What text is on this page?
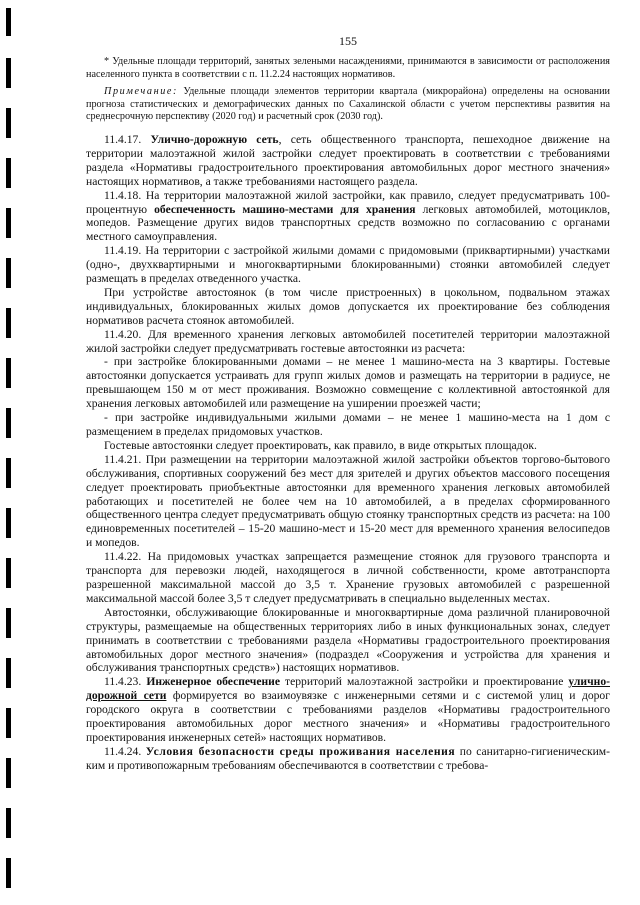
155

* Удельные площади территорий, занятых зелеными насаждениями, принимаются в зависимости от расположения населенного пункта в соответствии с п. 11.2.24 настоящих нормативов.

Примечание: Удельные площади элементов территории квартала (микрорайона) определены на основании прогноза статистических и демографических данных по Сахалинской области с учетом перспективы развития на среднесрочную перспективу (2020 год) и расчетный срок (2030 год).

11.4.17. Улично-дорожную сеть, сеть общественного транспорта, пешеходное движение на территории малоэтажной жилой застройки следует проектировать в соответствии с требованиями раздела «Нормативы градостроительного проектирования автомобильных дорог местного значения» настоящих нормативов, а также требованиями настоящего раздела.

11.4.18. На территории малоэтажной жилой застройки, как правило, следует предусматривать 100-процентную обеспеченность машино-местами для хранения легковых автомобилей, мотоциклов, мопедов. Размещение других видов транспортных средств возможно по согласованию с органами местного самоуправления.

11.4.19. На территории с застройкой жилыми домами с придомовыми (приквартирными) участками (одно-, двухквартирными и многоквартирными блокированными) стоянки автомобилей следует размещать в пределах отведенного участка.

При устройстве автостоянок (в том числе пристроенных) в цокольном, подвальном этажах индивидуальных, блокированных жилых домов допускается их проектирование без соблюдения нормативов расчета стоянок автомобилей.

11.4.20. Для временного хранения легковых автомобилей посетителей территории малоэтажной жилой застройки следует предусматривать гостевые автостоянки из расчета:

- при застройке блокированными домами – не менее 1 машино-места на 3 квартиры. Гостевые автостоянки допускается устраивать для групп жилых домов и размещать на территории в радиусе, не превышающем 150 м от мест проживания. Возможно совмещение с коллективной автостоянкой для хранения легковых автомобилей или размещение на уширении проезжей части;

- при застройке индивидуальными жилыми домами – не менее 1 машино-места на 1 дом с размещением в пределах придомовых участков.

Гостевые автостоянки следует проектировать, как правило, в виде открытых площадок.

11.4.21. При размещении на территории малоэтажной жилой застройки объектов торгово-бытового обслуживания, спортивных сооружений без мест для зрителей и других объектов массового посещения следует проектировать приобъектные автостоянки для временного хранения легковых автомобилей работающих и посетителей не более чем на 10 автомобилей, а в пределах сформированного общественного центра следует предусматривать общую стоянку транспортных средств из расчета: на 100 единовременных посетителей – 15-20 машино-мест и 15-20 мест для временного хранения велосипедов и мопедов.

11.4.22. На придомовых участках запрещается размещение стоянок для грузового транспорта и транспорта для перевозки людей, находящегося в личной собственности, кроме автотранспорта разрешенной максимальной массой до 3,5 т. Хранение грузовых автомобилей с разрешенной максимальной массой более 3,5 т следует предусматривать в специально выделенных местах.

Автостоянки, обслуживающие блокированные и многоквартирные дома различной планировочной структуры, размещаемые на общественных территориях либо в иных функциональных зонах, следует принимать в соответствии с требованиями раздела «Нормативы градостроительного проектирования автомобильных дорог местного значения» (подраздел «Сооружения и устройства для хранения и обслуживания транспортных средств») настоящих нормативов.

11.4.23. Инженерное обеспечение территорий малоэтажной застройки и проектирование улично-дорожной сети формируется во взаимоувязке с инженерными сетями и с системой улиц и дорог городского округа в соответствии с требованиями разделов «Нормативы градостроительного проектирования автомобильных дорог местного значения» и «Нормативы градостроительного проектирования инженерных сетей» настоящих нормативов.

11.4.24. Условия безопасности среды проживания населения по санитарно-гигиеническим-ким и противопожарным требованиям обеспечиваются в соответствии с требова-
